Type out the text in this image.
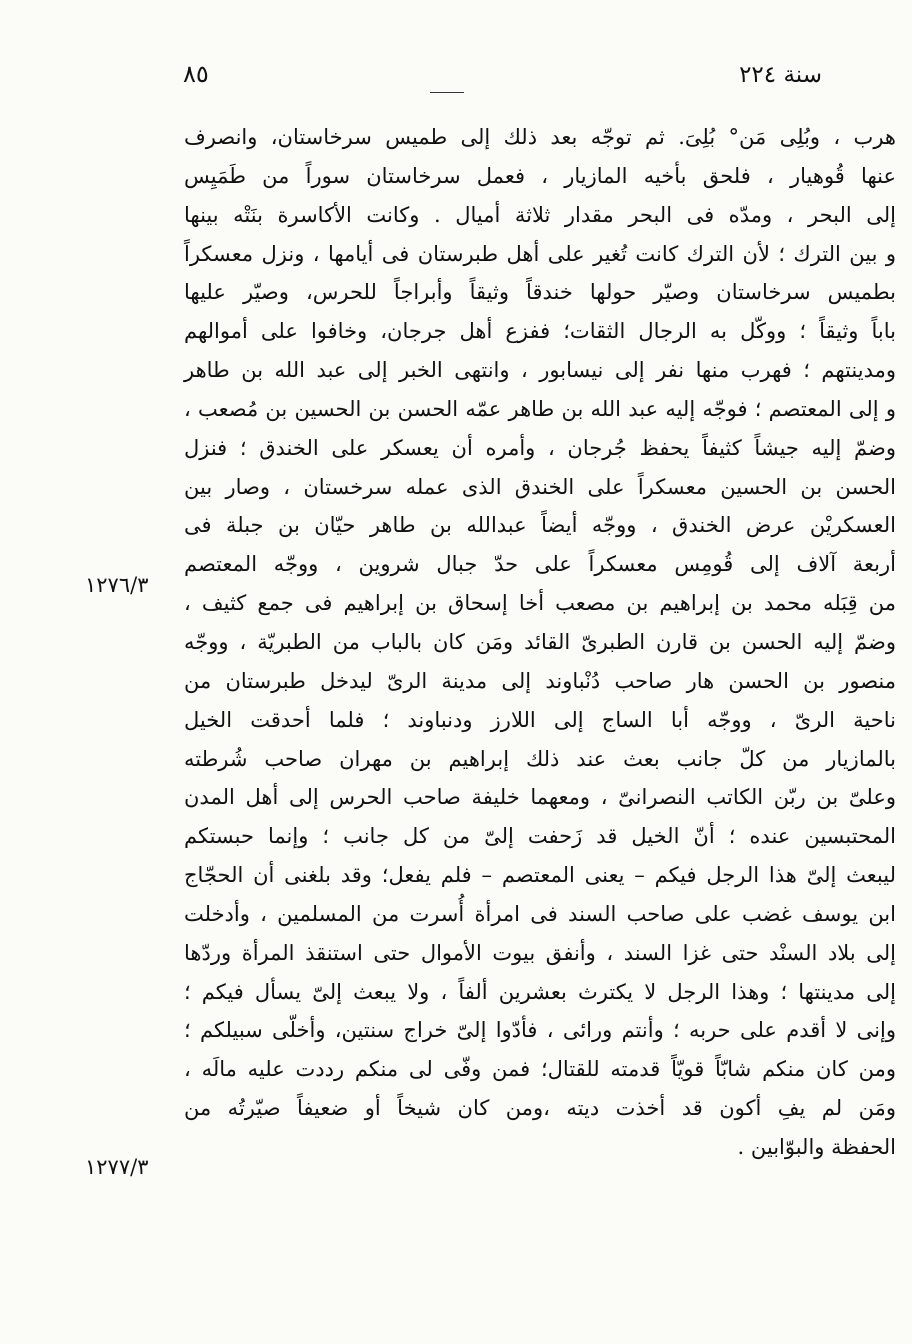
٨٥	سنة ٢٢٤
١٢٧٦/٣
١٢٧٧/٣
هرب ، وبُلِى مَن° بُلِىَ. ثم توجّه بعد ذلك إلى طميس سرخاستان، وانصرف
عنها قُوهيار ، فلحق بأخيه المازيار ، فعمل سرخاستان سوراً من طَمَيِس
إلى البحر ، ومدّه فى البحر مقدار ثلاثة أميال . وكانت الأكاسرة بنَتْه بينها
و بين الترك ؛ لأن الترك كانت تُغير على أهل طبرستان فى أيامها ، ونزل معسكراً
بطميس سرخاستان وصيّر حولها خندقاً وثيقاً وأبراجاً للحرس، وصيّر عليها
باباً وثيقاً ؛ ووكّل به الرجال الثقات؛ ففزع أهل جرجان، وخافوا على أموالهم
ومدينتهم ؛ فهرب منها نفر إلى نيسابور ، وانتهى الخبر إلى عبد الله بن طاهر
و إلى المعتصم ؛ فوجّه إليه عبد الله بن طاهر عمّه الحسن بن الحسين بن مُصعب ،
وضمّ إليه جيشاً كثيفاً يحفظ جُرجان ، وأمره أن يعسكر على الخندق ؛ فنزل
الحسن بن الحسين معسكراً على الخندق الذى عمله سرخستان ، وصار بين
العسكريْن عرض الخندق ، ووجّه أيضاً عبدالله بن طاهر حيّان بن جبلة فى
أربعة آلاف إلى قُومِس معسكراً على حدّ جبال شروين ، ووجّه المعتصم
من قِبَله محمد بن إبراهيم بن مصعب أخا إسحاق بن إبراهيم فى جمع كثيف ،
وضمّ إليه الحسن بن قارن الطبرىّ القائد ومَن كان بالباب من الطبريّة ، ووجّه
منصور بن الحسن هار صاحب دُنْباوند إلى مدينة الرىّ ليدخل طبرستان من
ناحية الرىّ ، ووجّه أبا الساج إلى اللارز ودنباوند ؛ فلما أحدقت الخيل
بالمازيار من كلّ جانب بعث عند ذلك إبراهيم بن مهران صاحب شُرطته
وعلىّ بن ربّن الكاتب النصرانىّ ، ومعهما خليفة صاحب الحرس إلى أهل المدن
المحتبسين عنده ؛ أنّ الخيل قد زَحفت إلىّ من كل جانب ؛ وإنما حبستكم
ليبعث إلىّ هذا الرجل فيكم – يعنى المعتصم – فلم يفعل؛ وقد بلغنى أن الحجّاج
ابن يوسف غضب على صاحب السند فى امرأة أُسرت من المسلمين ، وأدخلت
إلى بلاد السنْد حتى غزا السند ، وأنفق بيوت الأموال حتى استنقذ المرأة وردّها
إلى مدينتها ؛ وهذا الرجل لا يكترث بعشرين ألفاً ، ولا يبعث إلىّ يسأل فيكم ؛
وإنى لا أقدم على حربه ؛ وأنتم ورائى ، فأدّوا إلىّ خراج سنتين، وأخلّى سبيلكم ؛
ومن كان منكم شابّاً قويّاً قدمته للقتال؛ فمن وفّى لى منكم رددت عليه مالَه ،
ومَن لم يفِ أكون قد أخذت ديته ،ومن كان شيخاً أو ضعيفاً صيّرتُه من
الحفظة والبوّابين .
